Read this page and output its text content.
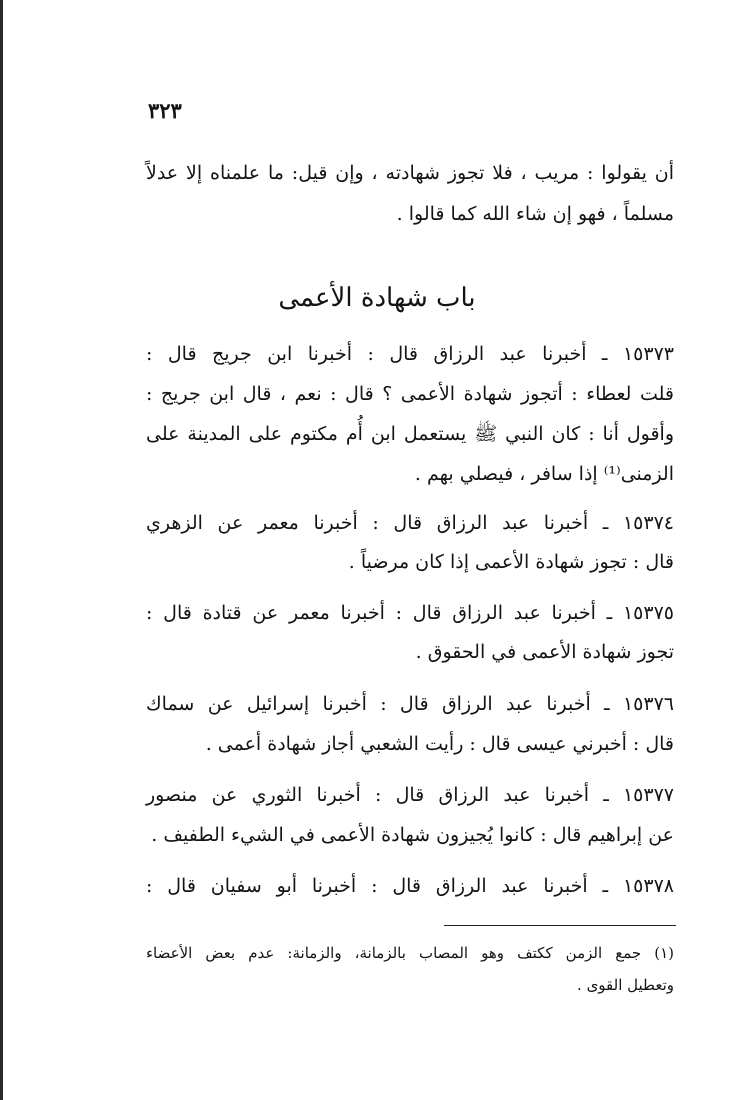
٣٢٣
أن يقولوا : مريب ، فلا تجوز شهادته ، وإن قيل: ما علمناه إلا عدلاً
مسلماً ، فهو إن شاء الله كما قالوا .
باب شهادة الأعمى
١٥٣٧٣ ـ أخبرنا عبد الرزاق قال : أخبرنا ابن جريج قال :
قلت لعطاء : أتجوز شهادة الأعمى ؟ قال : نعم ، قال ابن جريج :
وأقول أنا : كان النبي ﷺ يستعمل ابن أُم مكتوم على المدينة على
الزمنى⁽¹⁾ إذا سافر ، فيصلي بهم .
١٥٣٧٤ ـ أخبرنا عبد الرزاق قال : أخبرنا معمر عن الزهري
قال : تجوز شهادة الأعمى إذا كان مرضياً .
١٥٣٧٥ ـ أخبرنا عبد الرزاق قال : أخبرنا معمر عن قتادة قال :
تجوز شهادة الأعمى في الحقوق .
١٥٣٧٦ ـ أخبرنا عبد الرزاق قال : أخبرنا إسرائيل عن سماك
قال : أخبرني عيسى قال : رأيت الشعبي أجاز شهادة أعمى .
١٥٣٧٧ ـ أخبرنا عبد الرزاق قال : أخبرنا الثوري عن منصور
عن إبراهيم قال : كانوا يُجيزون شهادة الأعمى في الشيء الطفيف .
١٥٣٧٨ ـ أخبرنا عبد الرزاق قال : أخبرنا أبو سفيان قال :
(١) جمع الزمن ككتف وهو المصاب بالزمانة، والزمانة: عدم بعض الأعضاء
وتعطيل القوى .
